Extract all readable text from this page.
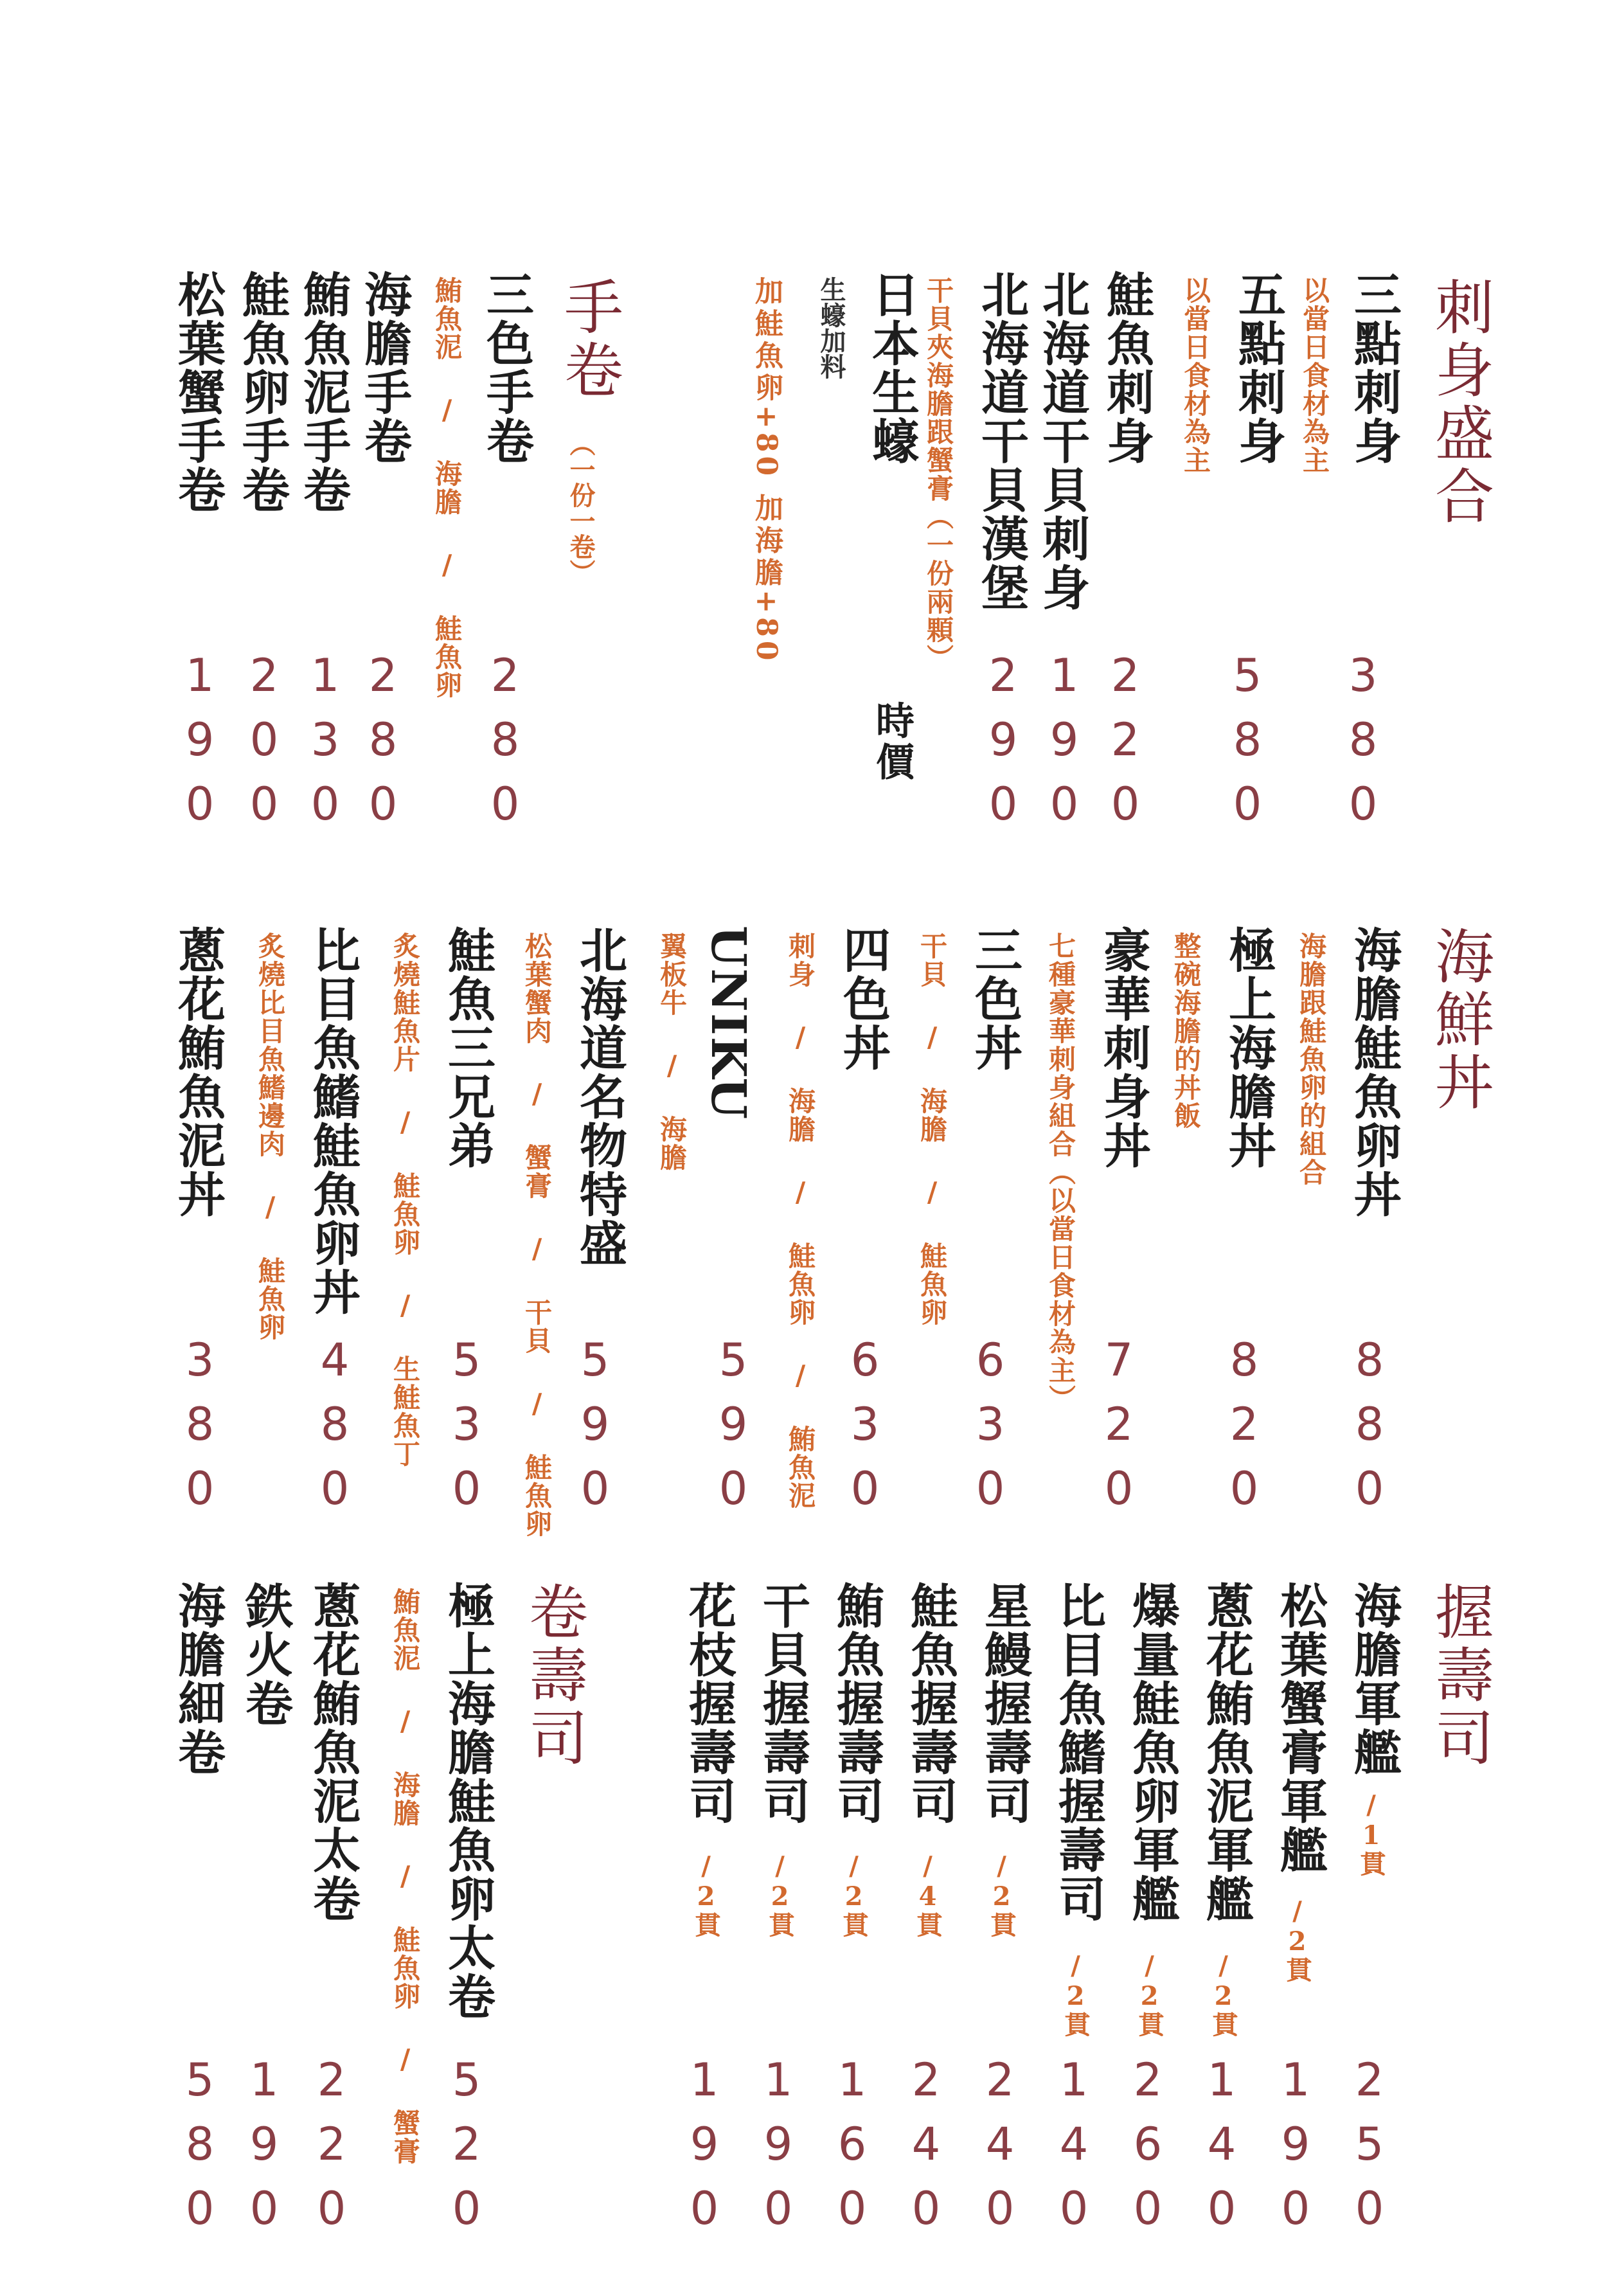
刺身盛合
三點刺身
以當日食材為主
380
五點刺身
以當日食材為主
580
鮭魚刺身
220
北海道干貝刺身
190
北海道干貝漢堡
干貝夾海膽跟蟹膏（一份兩顆）
290
日本生蠔
時價
生蠔加料
加鮭魚卵+80 加海膽+80
手卷
（一份一卷）
三色手卷
鮪魚泥 / 海膽 / 鮭魚卵
280
海膽手卷
280
鮪魚泥手卷
130
鮭魚卵手卷
200
松葉蟹手卷
190
海鮮丼
海膽鮭魚卵丼
海膽跟鮭魚卵的組合
880
極上海膽丼
整碗海膽的丼飯
820
豪華刺身丼
七種豪華刺身組合（以當日食材為主）
720
三色丼
干貝 / 海膽 / 鮭魚卵
630
四色丼
刺身 / 海膽 / 鮭魚卵 / 鮪魚泥 630
UNIKU
翼板牛 / 海膽
590
北海道名物特盛
松葉蟹肉 / 蟹膏 / 干貝 / 鮭魚卵 590
鮭魚三兄弟
炙燒鮭魚片 / 鮭魚卵 / 生鮭魚丁 530
比目魚鰭鮭魚卵丼
炙燒比目魚鰭邊肉 / 鮭魚卵
480
蔥花鮪魚泥丼
380
握壽司
海膽軍艦
/1貫
250
松葉蟹膏軍艦
/2貫
190
蔥花鮪魚泥軍艦
/2貫
140
爆量鮭魚卵軍艦
/2貫
260
比目魚鰭握壽司
/2貫
140
星鰻握壽司
/2貫
240
鮭魚握壽司
/4貫
240
鮪魚握壽司
/2貫
160
干貝握壽司
/2貫
190
花枝握壽司
/2貫
190
卷壽司
極上海膽鮭魚卵太卷
鮪魚泥 / 海膽 / 鮭魚卵 / 蟹膏 520
蔥花鮪魚泥太卷
220
鉄火卷
190
海膽細卷
580
